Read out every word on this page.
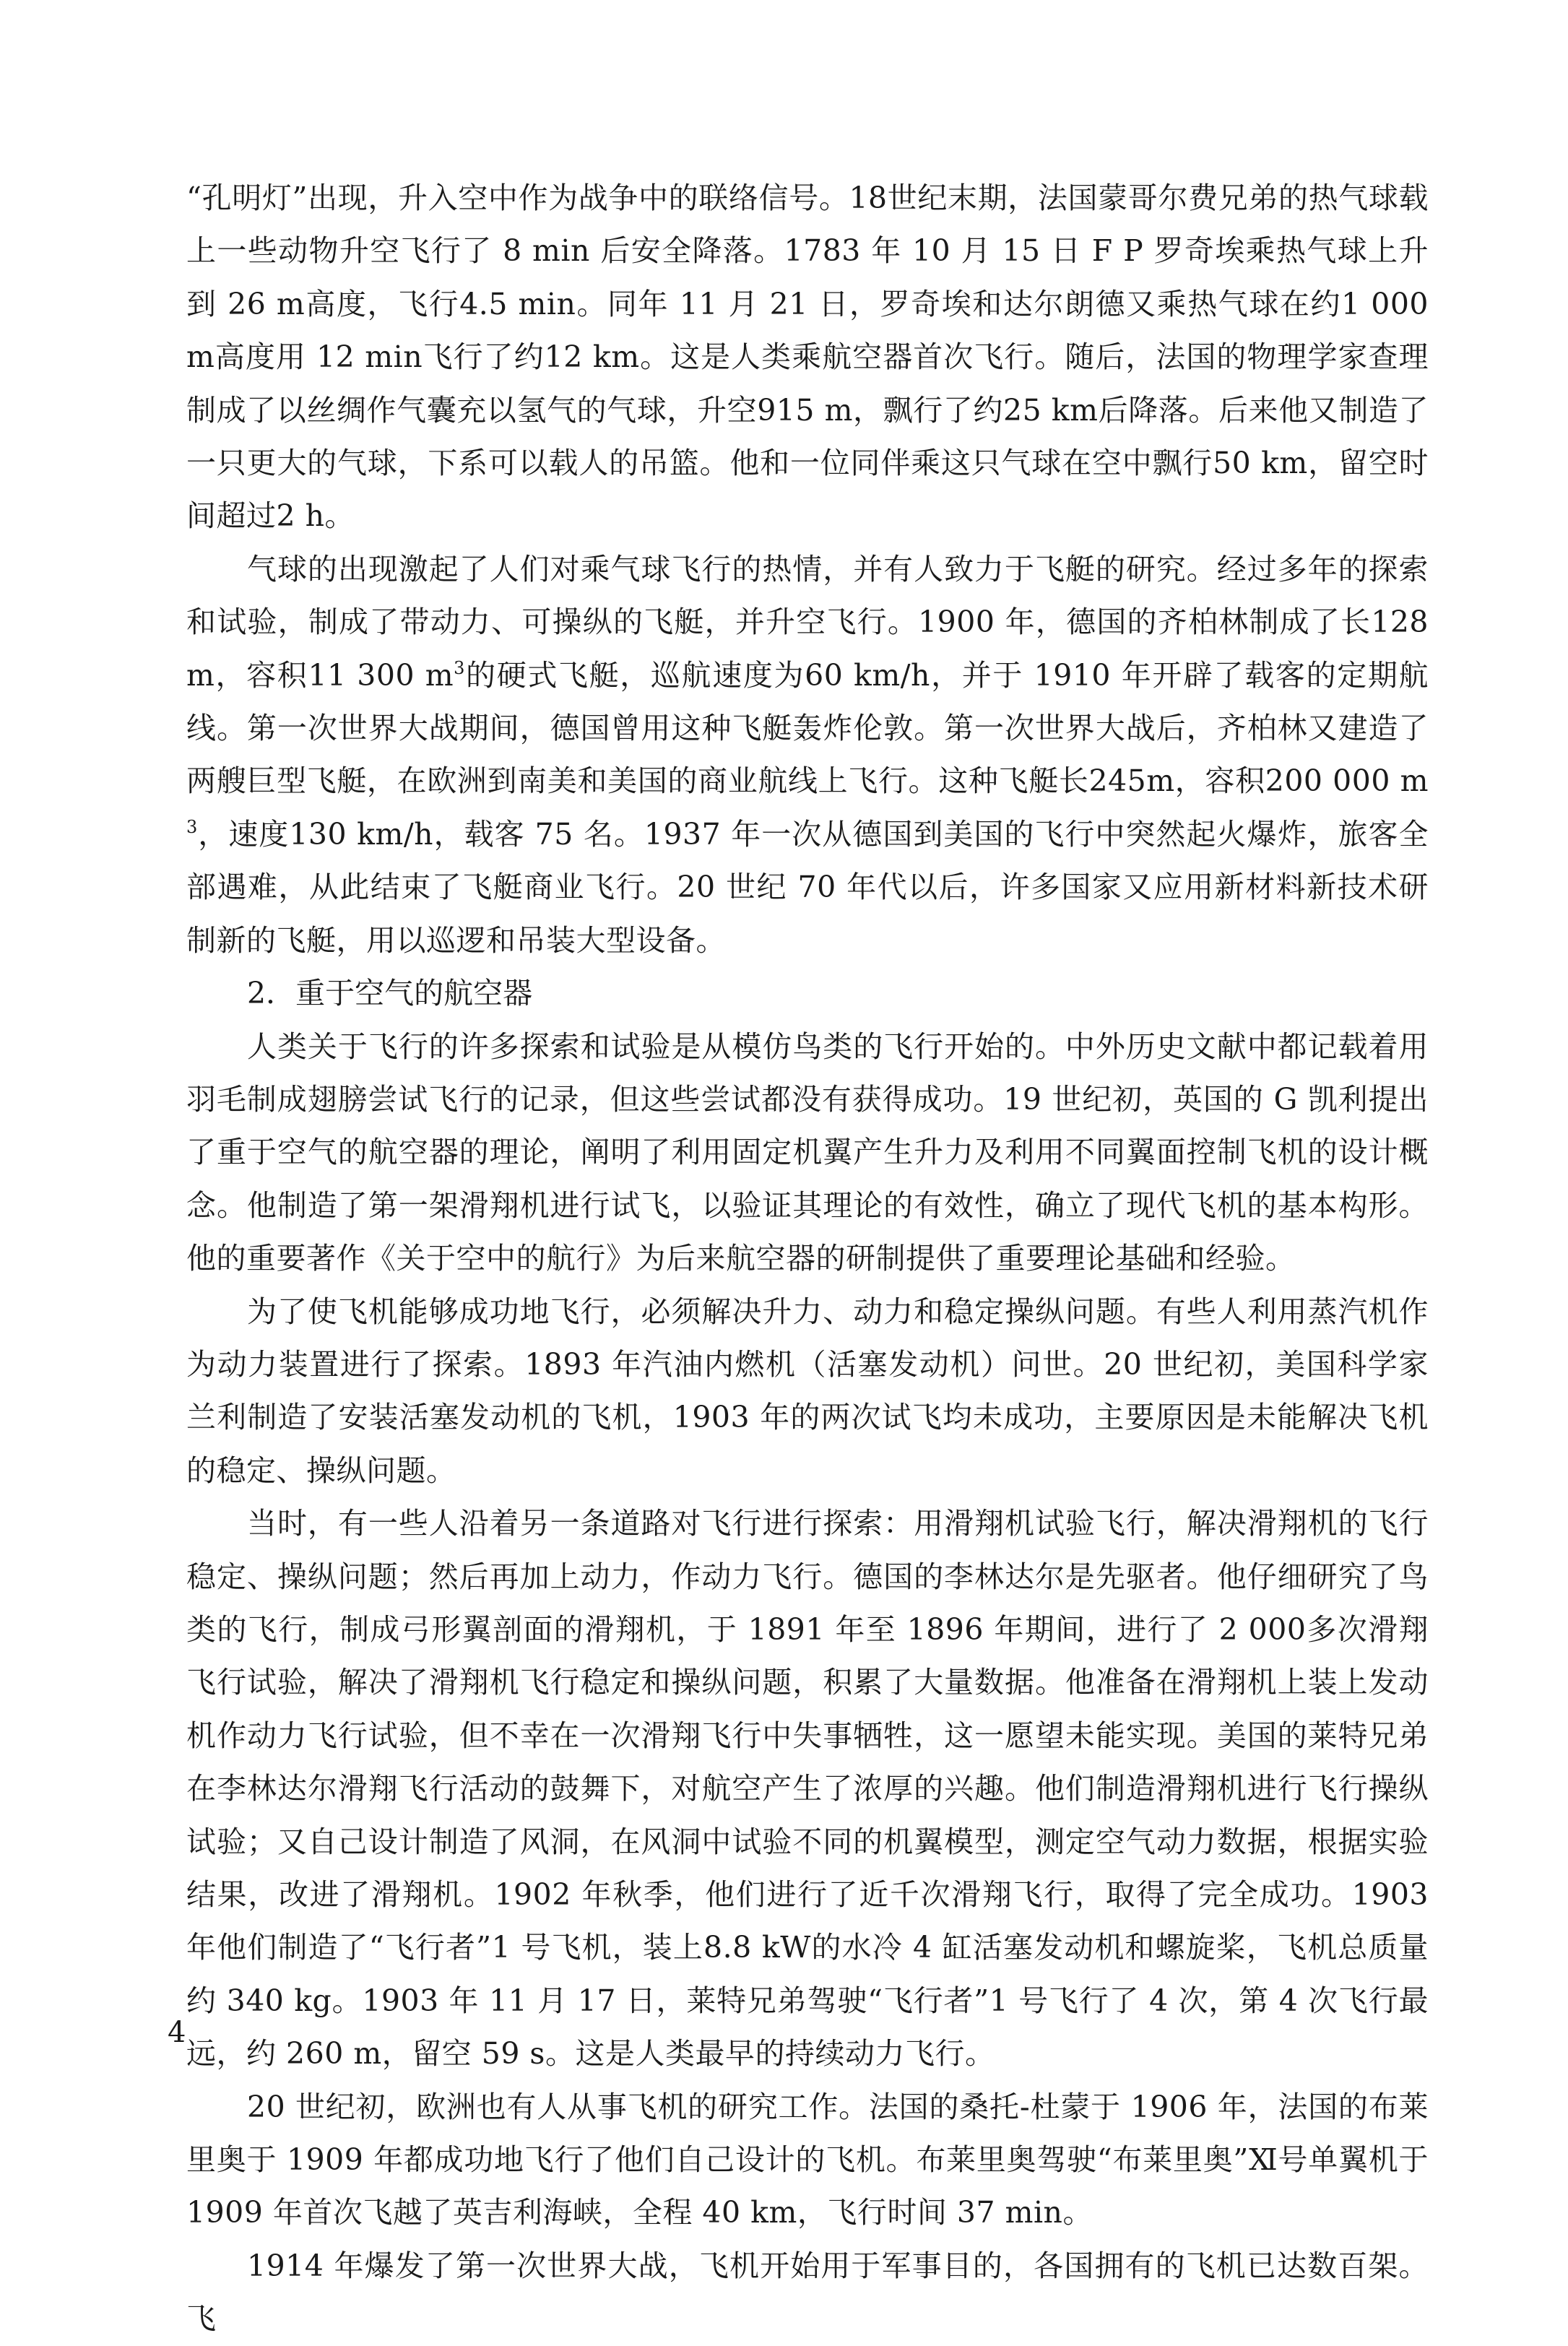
“孔明灯”出现，升入空中作为战争中的联络信号。18世纪末期，法国蒙哥尔费兄弟的热气球载上一些动物升空飞行了 8 min 后安全降落。1783 年 10 月 15 日 F P 罗奇埃乘热气球上升到 26 m高度，飞行4.5 min。同年 11 月 21 日，罗奇埃和达尔朗德又乘热气球在约1 000 m高度用 12 min飞行了约12 km。这是人类乘航空器首次飞行。随后，法国的物理学家查理制成了以丝绸作气囊充以氢气的气球，升空915 m，飘行了约25 km后降落。后来他又制造了一只更大的气球，下系可以载人的吊篮。他和一位同伴乘这只气球在空中飘行50 km，留空时间超过2 h。

气球的出现激起了人们对乘气球飞行的热情，并有人致力于飞艇的研究。经过多年的探索和试验，制成了带动力、可操纵的飞艇，并升空飞行。1900 年，德国的齐柏林制成了长128 m，容积11 300 $m^3$的硬式飞艇，巡航速度为60 km/h，并于 1910 年开辟了载客的定期航线。第一次世界大战期间，德国曾用这种飞艇轰炸伦敦。第一次世界大战后，齐柏林又建造了两艘巨型飞艇，在欧洲到南美和美国的商业航线上飞行。这种飞艇长245m，容积200 000 $m^3$，速度130 km/h，载客 75 名。1937 年一次从德国到美国的飞行中突然起火爆炸，旅客全部遇难，从此结束了飞艇商业飞行。20 世纪 70 年代以后，许多国家又应用新材料新技术研制新的飞艇，用以巡逻和吊装大型设备。

2．重于空气的航空器

人类关于飞行的许多探索和试验是从模仿鸟类的飞行开始的。中外历史文献中都记载着用羽毛制成翅膀尝试飞行的记录，但这些尝试都没有获得成功。19 世纪初，英国的 G 凯利提出了重于空气的航空器的理论，阐明了利用固定机翼产生升力及利用不同翼面控制飞机的设计概念。他制造了第一架滑翔机进行试飞，以验证其理论的有效性，确立了现代飞机的基本构形。他的重要著作《关于空中的航行》为后来航空器的研制提供了重要理论基础和经验。

为了使飞机能够成功地飞行，必须解决升力、动力和稳定操纵问题。有些人利用蒸汽机作为动力装置进行了探索。1893 年汽油内燃机（活塞发动机）问世。20 世纪初，美国科学家兰利制造了安装活塞发动机的飞机，1903 年的两次试飞均未成功，主要原因是未能解决飞机的稳定、操纵问题。

当时，有一些人沿着另一条道路对飞行进行探索：用滑翔机试验飞行，解决滑翔机的飞行稳定、操纵问题；然后再加上动力，作动力飞行。德国的李林达尔是先驱者。他仔细研究了鸟类的飞行，制成弓形翼剖面的滑翔机，于 1891 年至 1896 年期间，进行了 2 000多次滑翔飞行试验，解决了滑翔机飞行稳定和操纵问题，积累了大量数据。他准备在滑翔机上装上发动机作动力飞行试验，但不幸在一次滑翔飞行中失事牺牲，这一愿望未能实现。美国的莱特兄弟在李林达尔滑翔飞行活动的鼓舞下，对航空产生了浓厚的兴趣。他们制造滑翔机进行飞行操纵试验；又自己设计制造了风洞，在风洞中试验不同的机翼模型，测定空气动力数据，根据实验结果，改进了滑翔机。1902 年秋季，他们进行了近千次滑翔飞行，取得了完全成功。1903 年他们制造了“飞行者”1 号飞机，装上8.8 kW的水冷 4 缸活塞发动机和螺旋桨，飞机总质量约 340 kg。1903 年 11 月 17 日，莱特兄弟驾驶“飞行者”1 号飞行了 4 次，第 4 次飞行最远，约 260 m，留空 59 s。这是人类最早的持续动力飞行。

20 世纪初，欧洲也有人从事飞机的研究工作。法国的桑托-杜蒙于 1906 年，法国的布莱里奥于 1909 年都成功地飞行了他们自己设计的飞机。布莱里奥驾驶“布莱里奥”Ⅺ号单翼机于 1909 年首次飞越了英吉利海峡，全程 40 km，飞行时间 37 min。

1914 年爆发了第一次世界大战，飞机开始用于军事目的，各国拥有的飞机已达数百架。飞

4
